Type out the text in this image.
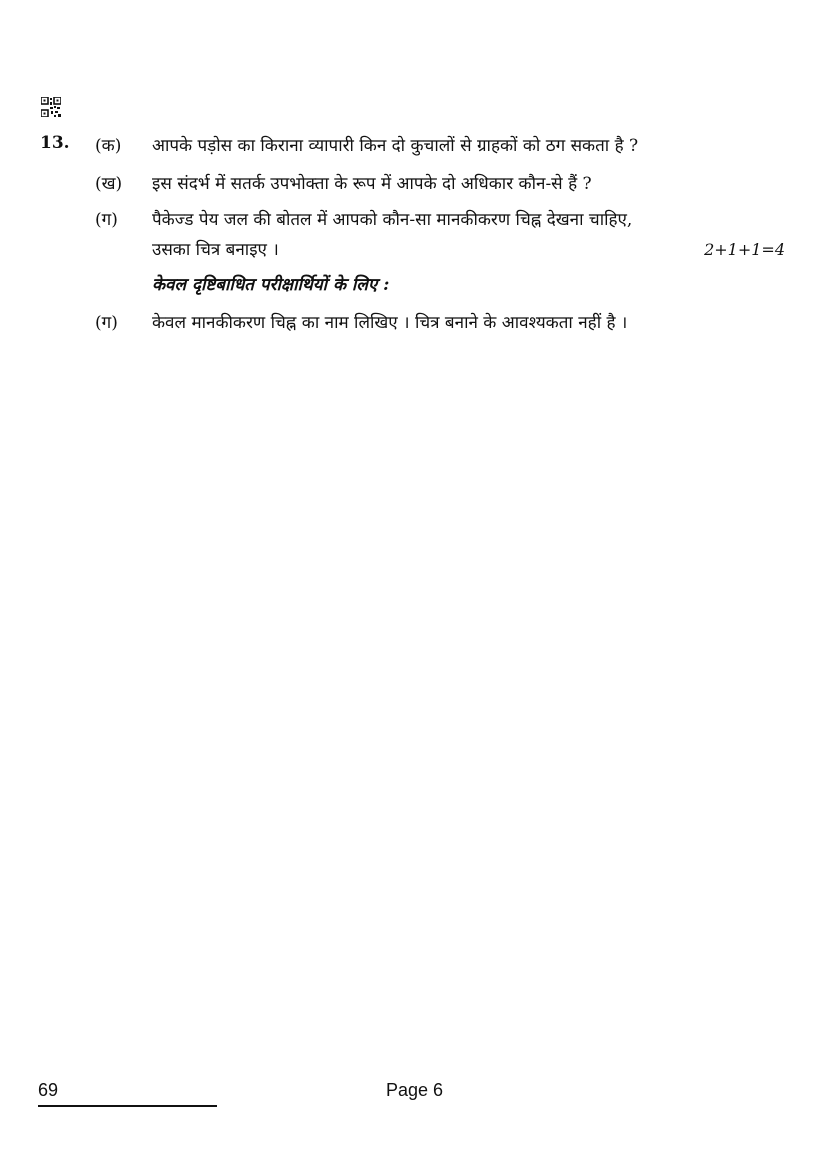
13. (क) आपके पड़ोस का किराना व्यापारी किन दो कुचालों से ग्राहकों को ठग सकता है ?
(ख) इस संदर्भ में सतर्क उपभोक्ता के रूप में आपके दो अधिकार कौन-से हैं ?
(ग) पैकेज्ड पेय जल की बोतल में आपको कौन-सा मानकीकरण चिह्न देखना चाहिए,
उसका चित्र बनाइए ।	2+1+1=4
केवल दृष्टिबाधित परीक्षार्थियों के लिए :
(ग) केवल मानकीकरण चिह्न का नाम लिखिए । चित्र बनाने के आवश्यकता नहीं है ।
69	Page 6
